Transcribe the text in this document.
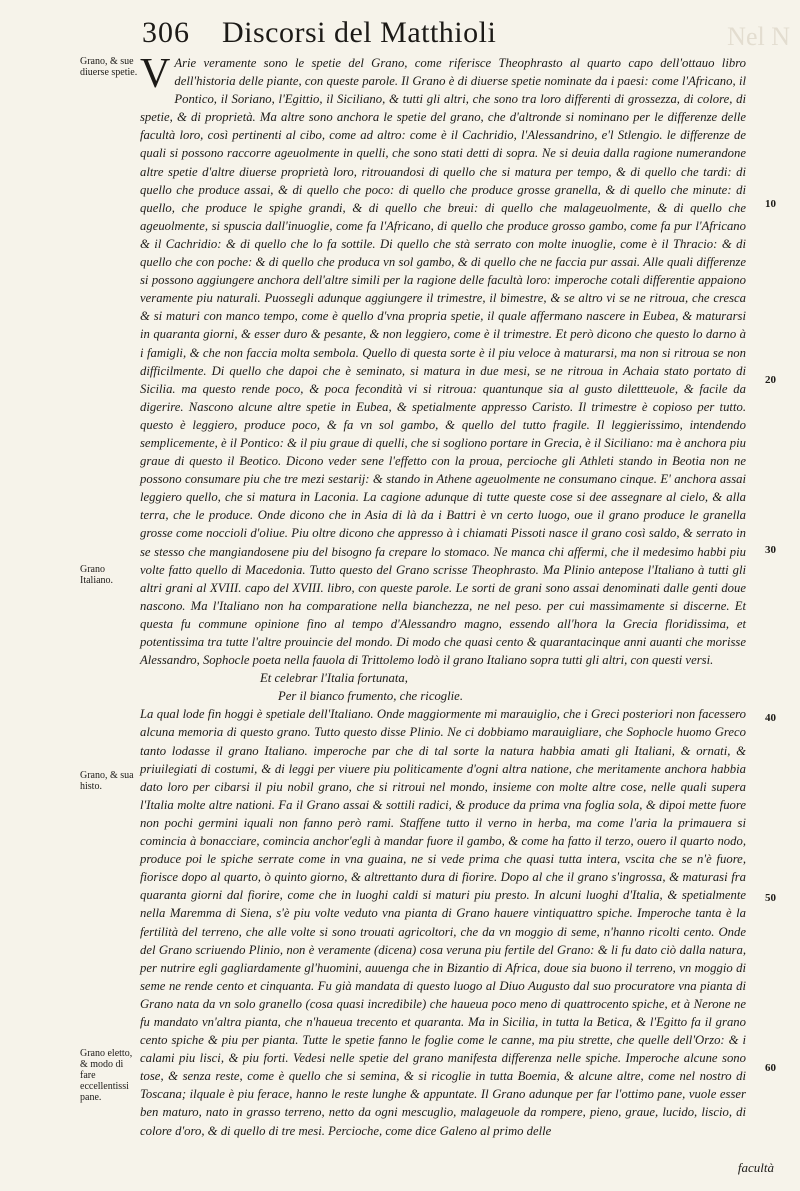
306 Discorsi del Matthioli	Nel N
Grano, & sue diuerse spetie.
Grano Italiano.
Grano, & sua histo.
Grano eletto, & modo di fare eccellentissi pane.
10
20
30
40
50
60

V Arie veramente sono le spetie del Grano, come riferisce Theophrasto al quarto capo dell'ottauo libro dell'historia delle piante, con queste parole. Il Grano è di diuerse spetie nominate da i paesi: come l'Africano, il Pontico, il Soriano, l'Egittio, il Siciliano, & tutti gli altri, che sono tra loro differenti di grossezza, di colore, di spetie, & di proprietà. Ma altre sono anchora le spetie del grano, che d'altronde si nominano per le differenze delle facultà loro, così pertinenti al cibo, come ad altro: come è il Cachridio, l'Alessandrino, e'l Stlengio. le differenze de quali si possono raccorre ageuolmente in quelli, che sono stati detti di sopra. Ne si deuia dalla ragione numerandone altre spetie d'altre diuerse proprietà loro, ritrouandosi di quello che si matura per tempo, & di quello che tardi: di quello che produce assai, & di quello che poco: di quello che produce grosse granella, & di quello che minute: di quello, che produce le spighe grandi, & di quello che breui: di quello che malageuolmente, & di quello che ageuolmente, si spuscia dall'inuoglie, come fa l'Africano, di quello che produce grosso gambo, come fa pur l'Africano & il Cachridio: & di quello che lo fa sottile. Di quello che stà serrato con molte inuoglie, come è il Thracio: & di quello che con poche: & di quello che produca vn sol gambo, & di quello che ne faccia pur assai. Alle quali differenze si possono aggiungere anchora dell'altre simili per la ragione delle facultà loro: imperoche cotali differentie appaiono veramente piu naturali. Puossegli adunque aggiungere il trimestre, il bimestre, & se altro vi se ne ritroua, che cresca & si maturi con manco tempo, come è quello d'vna propria spetie, il quale affermano nascere in Eubea, & maturarsi in quaranta giorni, & esser duro & pesante, & non leggiero, come è il trimestre. Et però dicono che questo lo darno à i famigli, & che non faccia molta sembola. Quello di questa sorte è il piu veloce à maturarsi, ma non si ritroua se non difficilmente. Di quello che dapoi che è seminato, si matura in due mesi, se ne ritroua in Achaia stato portato di Sicilia. ma questo rende poco, & poca fecondità vi si ritroua: quantunque sia al gusto dilettteuole, & facile da digerire. Nascono alcune altre spetie in Eubea, & spetialmente appresso Caristo. Il trimestre è copioso per tutto. questo è leggiero, produce poco, & fa vn sol gambo, & quello del tutto fragile. Il leggierissimo, intendendo semplicemente, è il Pontico: & il piu graue di quelli, che si sogliono portare in Grecia, è il Siciliano: ma è anchora piu graue di questo il Beotico. Dicono veder sene l'effetto con la proua, percioche gli Athleti stando in Beotia non ne possono consumare piu che tre mezi sestarij: & stando in Athene ageuolmente ne consumano cinque. E' anchora assai leggiero quello, che si matura in Laconia. La cagione adunque di tutte queste cose si dee assegnare al cielo, & alla terra, che le produce. Onde dicono che in Asia di là da i Battri è vn certo luogo, oue il grano produce le granella grosse come noccioli d'oliue. Piu oltre dicono che appresso à i chiamati Pissoti nasce il grano così saldo, & serrato in se stesso che mangiandosene piu del bisogno fa crepare lo stomaco. Ne manca chi affermi, che il medesimo habbi piu volte fatto quello di Macedonia. Tutto questo del Grano scrisse Theophrasto. Ma Plinio antepose l'Italiano à tutti gli altri grani al XVIII. capo del XVIII. libro, con queste parole. Le sorti de grani sono assai denominati dalle genti doue nascono. Ma l'Italiano non ha comparatione nella bianchezza, ne nel peso. per cui massimamente si discerne. Et questa fu commune opinione fino al tempo d'Alessandro magno, essendo all'hora la Grecia floridissima, et potentissima tra tutte l'altre prouincie del mondo. Di modo che quasi cento & quarantacinque anni auanti che morisse Alessandro, Sophocle poeta nella fauola di Trittolemo lodò il grano Italiano sopra tutti gli altri, con questi versi.

Et celebrar l'Italia fortunata,

Per il bianco frumento, che ricoglie.

La qual lode fin hoggi è spetiale dell'Italiano. Onde maggiormente mi marauiglio, che i Greci posteriori non facessero alcuna memoria di questo grano. Tutto questo disse Plinio. Ne ci dobbiamo marauigliare, che Sophocle huomo Greco tanto lodasse il grano Italiano. imperoche par che di tal sorte la natura habbia amati gli Italiani, & ornati, & priuilegiati di costumi, & di leggi per viuere piu politicamente d'ogni altra natione, che meritamente anchora habbia dato loro per cibarsi il piu nobil grano, che si ritroui nel mondo, insieme con molte altre cose, nelle quali supera l'Italia molte altre nationi. Fa il Grano assai & sottili radici, & produce da prima vna foglia sola, & dipoi mette fuore non pochi germini iquali non fanno però rami. Staffene tutto il verno in herba, ma come l'aria la primauera si comincia à bonacciare, comincia anchor'egli à mandar fuore il gambo, & come ha fatto il terzo, ouero il quarto nodo, produce poi le spiche serrate come in vna guaina, ne si vede prima che quasi tutta intera, vscita che se n'è fuore, fiorisce dopo al quarto, ò quinto giorno, & altrettanto dura di fiorire. Dopo al che il grano s'ingrossa, & maturasi fra quaranta giorni dal fiorire, come che in luoghi caldi si maturi piu presto. In alcuni luoghi d'Italia, & spetialmente nella Maremma di Siena, s'è piu volte veduto vna pianta di Grano hauere vintiquattro spiche. Imperoche tanta è la fertilità del terreno, che alle volte si sono trouati agricoltori, che da vn moggio di seme, n'hanno ricolti cento. Onde del Grano scriuendo Plinio, non è veramente (dicena) cosa veruna piu fertile del Grano: & li fu dato ciò dalla natura, per nutrire egli gagliardamente gl'huomini, auuenga che in Bizantio di Africa, doue sia buono il terreno, vn moggio di seme ne rende cento et cinquanta. Fu già mandata di questo luogo al Diuo Augusto dal suo procuratore vna pianta di Grano nata da vn solo granello (cosa quasi incredibile) che haueua poco meno di quattrocento spiche, et à Nerone ne fu mandato vn'altra pianta, che n'haueua trecento et quaranta. Ma in Sicilia, in tutta la Betica, & l'Egitto fa il grano cento spiche & piu per pianta. Tutte le spetie fanno le foglie come le canne, ma piu strette, che quelle dell'Orzo: & i calami piu lisci, & piu forti. Vedesi nelle spetie del grano manifesta differenza nelle spiche. Imperoche alcune sono tose, & senza reste, come è quello che si semina, & si ricoglie in tutta Boemia, & alcune altre, come nel nostro di Toscana; ilquale è piu ferace, hanno le reste lunghe & appuntate. Il Grano adunque per far l'ottimo pane, vuole esser ben maturo, nato in grasso terreno, netto da ogni mescuglio, malageuole da rompere, pieno, graue, lucido, liscio, di colore d'oro, & di quello di tre mesi. Percioche, come dice Galeno al primo delle

facultà
